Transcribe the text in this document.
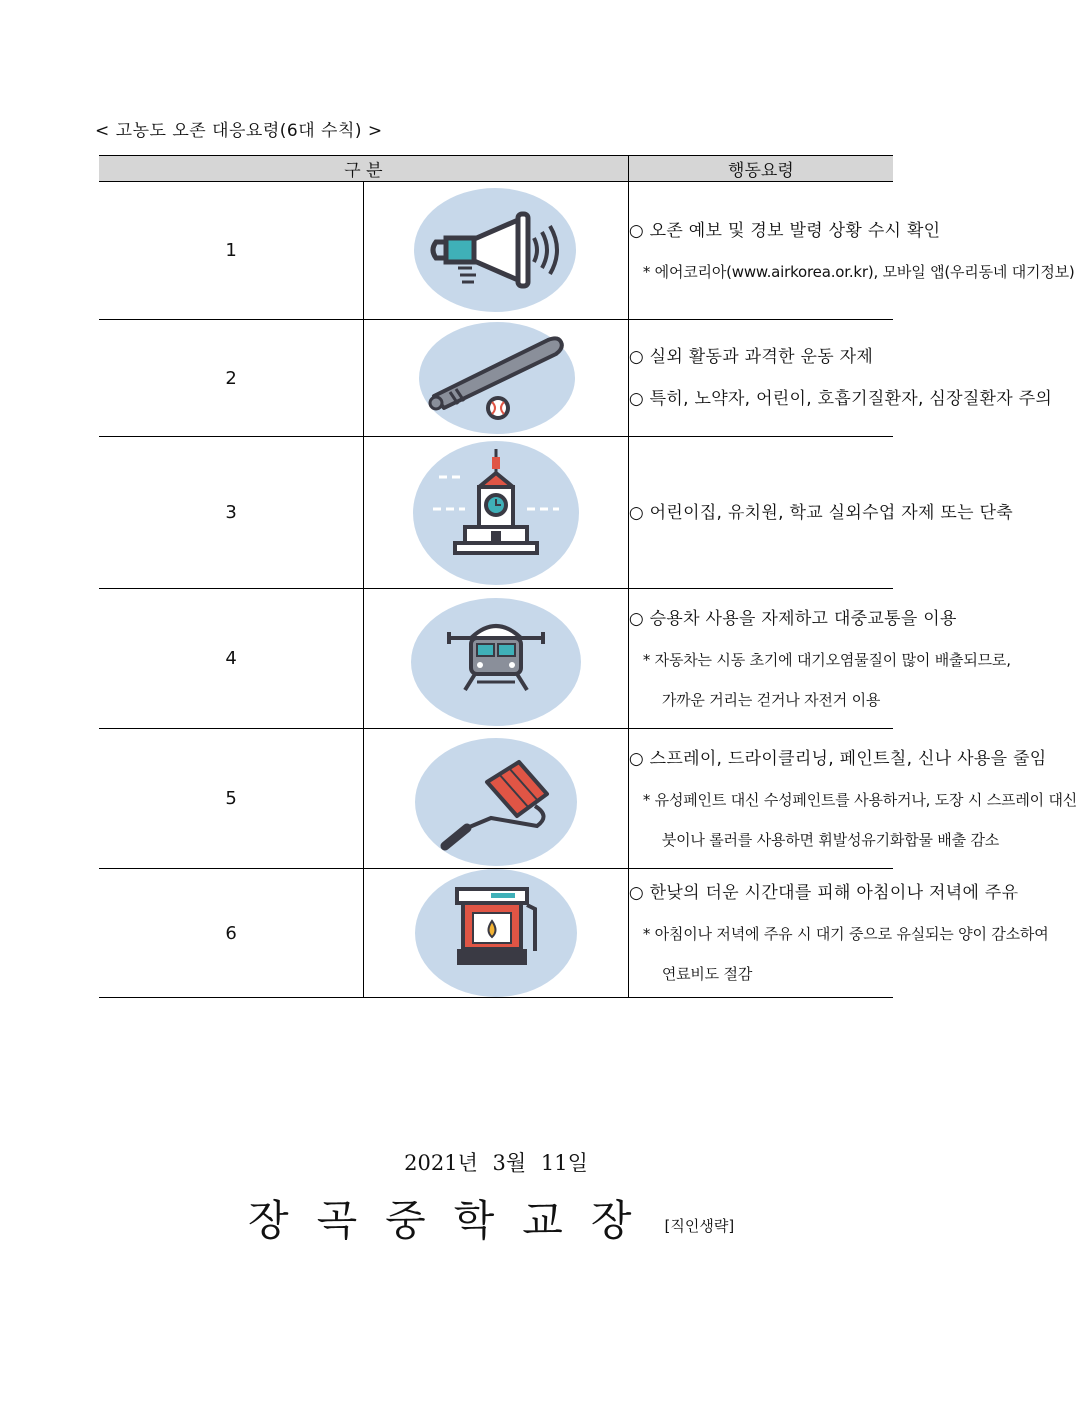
< 고농도 오존 대응요령(6대 수칙) >
구 분		행동요령
1		○ 오존 예보 및 경보 발령 상황 수시 확인
* 에어코리아(www.airkorea.or.kr), 모바일 앱(우리동네 대기정보)

2		○ 실외 활동과 과격한 운동 자제
○ 특히, 노약자, 어린이, 호흡기질환자, 심장질환자 주의

3		○ 어린이집, 유치원, 학교 실외수업 자제 또는 단축

4		○ 승용차 사용을 자제하고 대중교통을 이용
* 자동차는 시동 초기에 대기오염물질이 많이 배출되므로,
가까운 거리는 걷거나 자전거 이용

5		○ 스프레이, 드라이클리닝, 페인트칠, 신나 사용을 줄임
* 유성페인트 대신 수성페인트를 사용하거나, 도장 시 스프레이 대신
붓이나 롤러를 사용하면 휘발성유기화합물 배출 감소

6		○ 한낮의 더운 시간대를 피해 아침이나 저녁에 주유
* 아침이나 저녁에 주유 시 대기 중으로 유실되는 양이 감소하여
연료비도 절감
2021년 3월 11일
장곡중학교장 [직인생략]
